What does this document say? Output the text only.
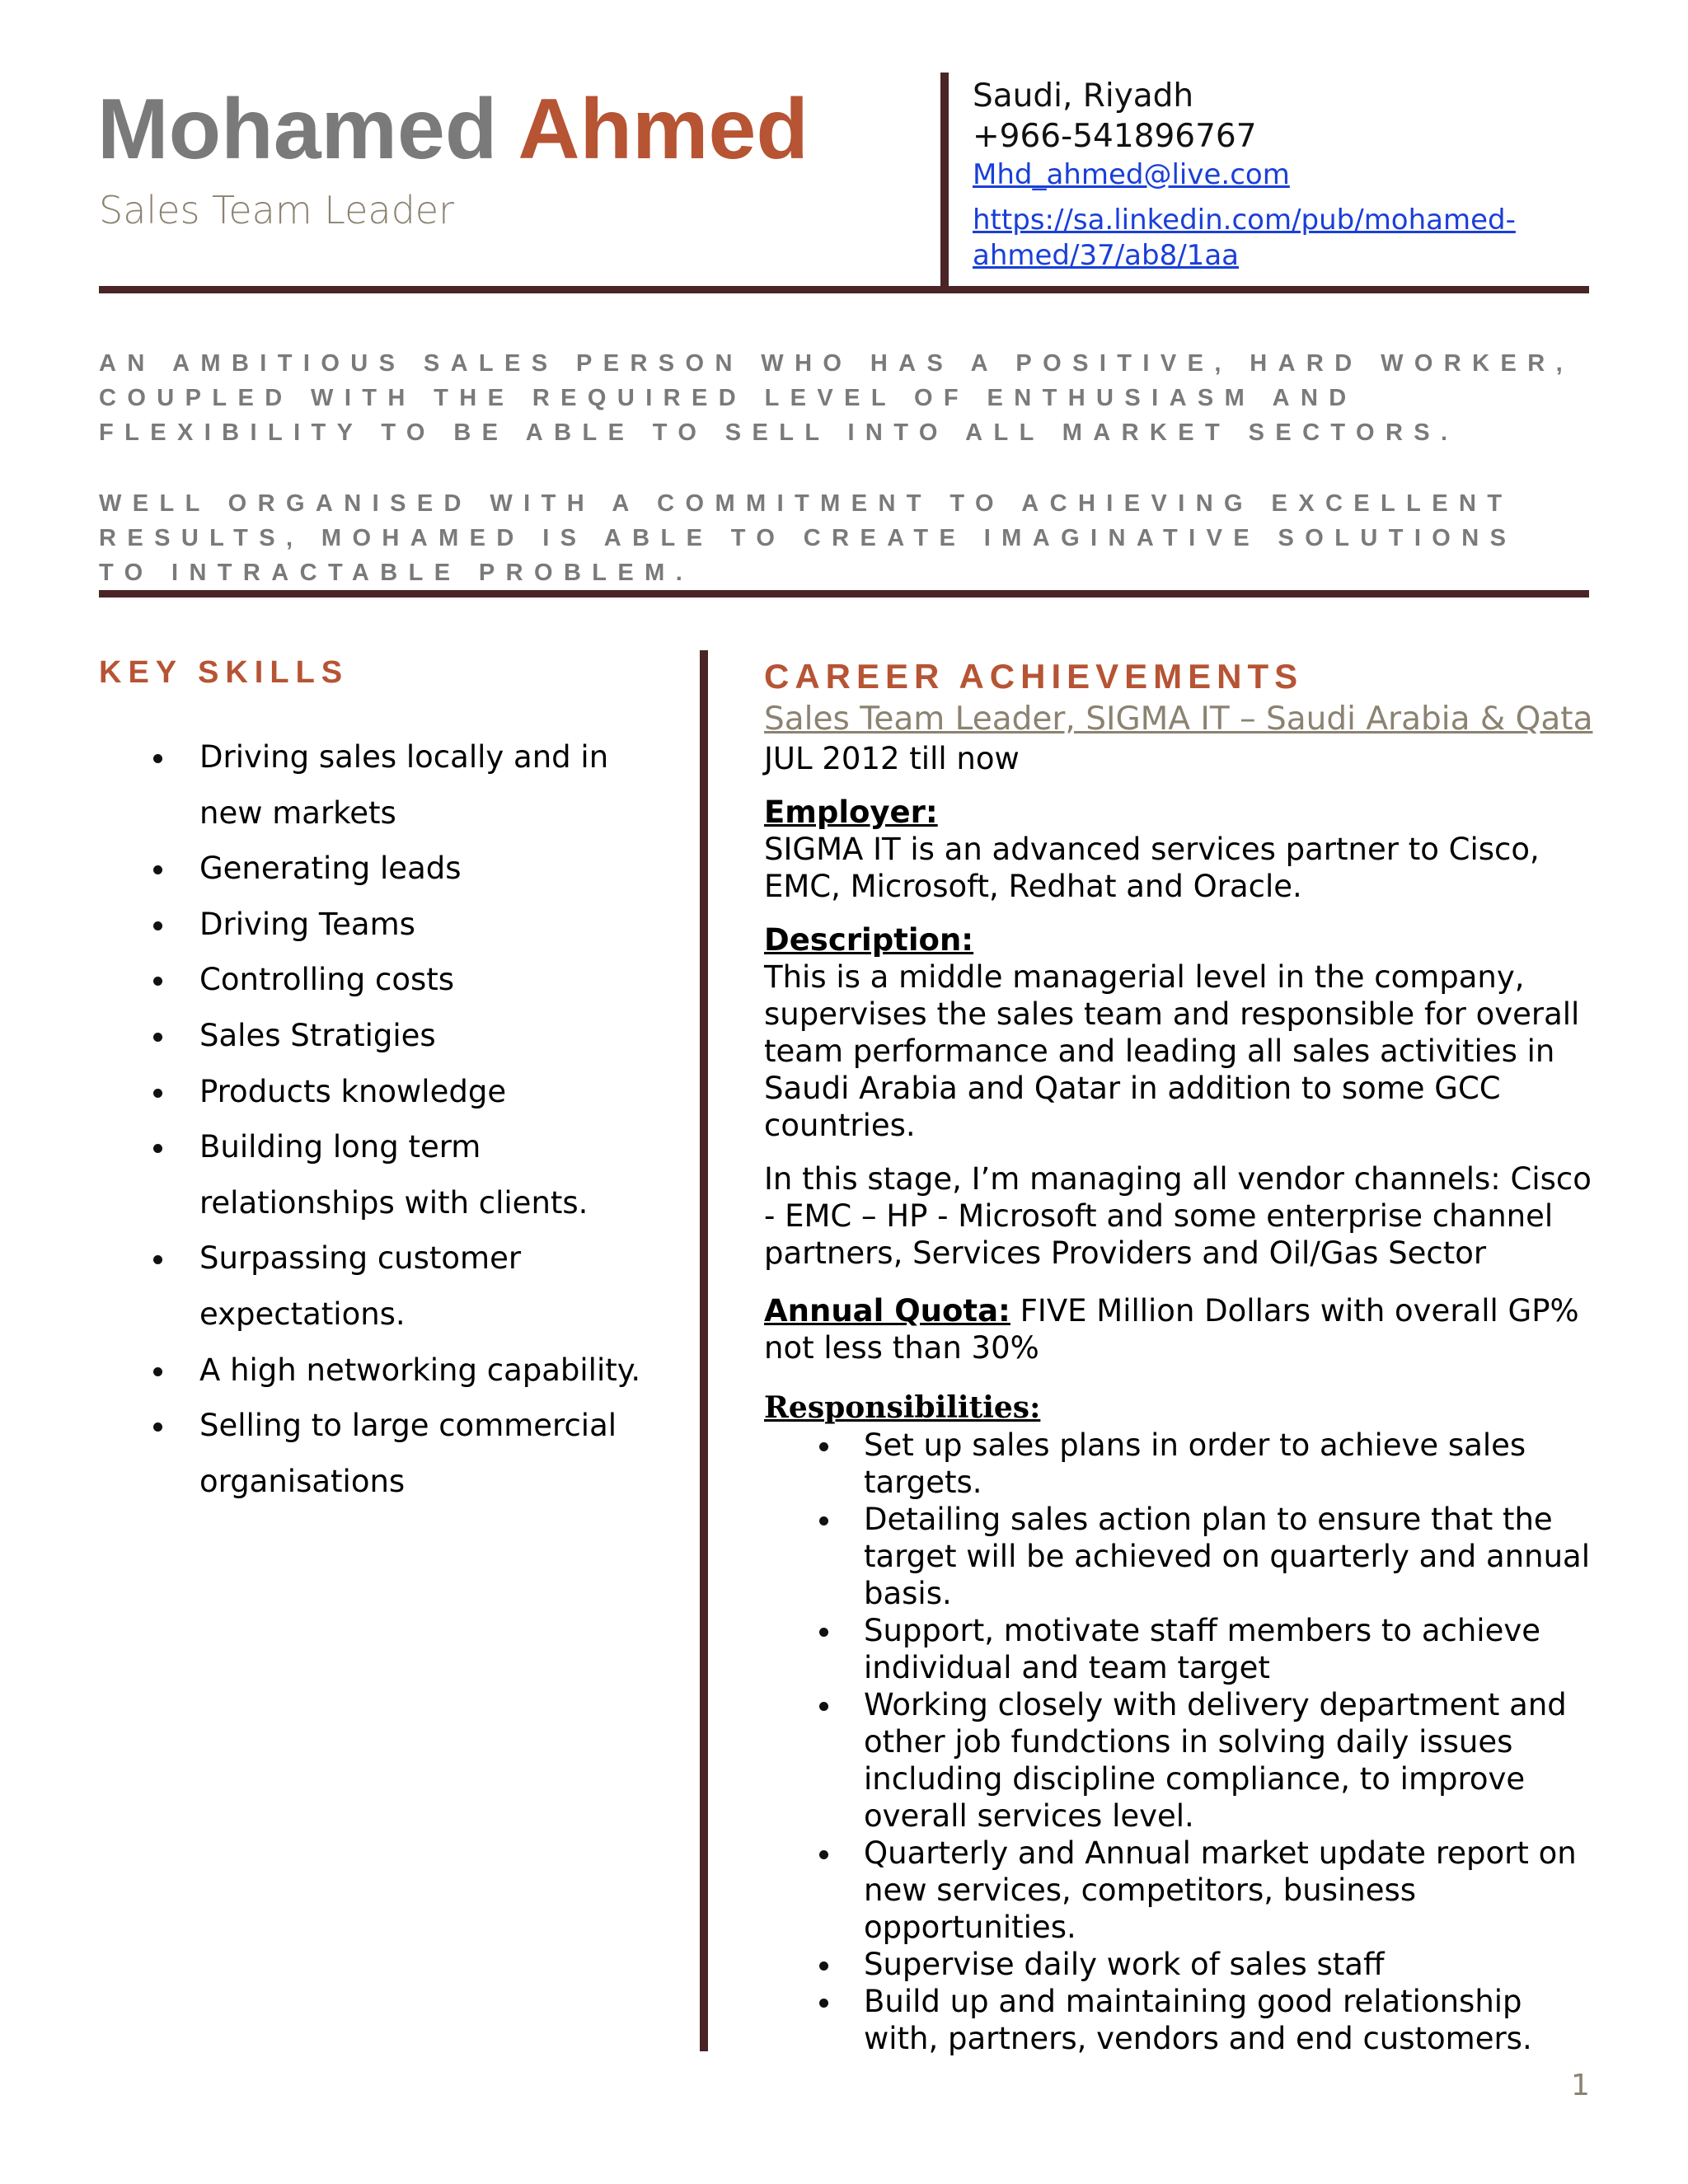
Mohamed Ahmed
Sales Team Leader
Saudi, Riyadh
+966-541896767
Mhd_ahmed@live.com
https://sa.linkedin.com/pub/mohamed-
ahmed/37/ab8/1aa
AN AMBITIOUS SALES PERSON WHO HAS A POSITIVE, HARD WORKER, COUPLED WITH THE REQUIRED LEVEL OF ENTHUSIASM AND FLEXIBILITY TO BE ABLE TO SELL INTO ALL MARKET SECTORS.
WELL ORGANISED WITH A COMMITMENT TO ACHIEVING EXCELLENT RESULTS, MOHAMED IS ABLE TO CREATE IMAGINATIVE SOLUTIONS TO INTRACTABLE PROBLEM.
KEY SKILLS
Driving sales locally and in new markets
Generating leads
Driving Teams
Controlling costs
Sales Stratigies
Products knowledge
Building long term relationships with clients.
Surpassing customer expectations.
A high networking capability.
Selling to large commercial organisations
CAREER ACHIEVEMENTS
Sales Team Leader, SIGMA IT – Saudi Arabia & Qata
JUL 2012 till now
Employer:

SIGMA IT is an advanced services partner to Cisco, EMC, Microsoft, Redhat and Oracle.

Description:

This is a middle managerial level in the company, supervises the sales team and responsible for overall team performance and leading all sales activities in Saudi Arabia and Qatar in addition to some GCC countries.

In this stage, I’m managing all vendor channels: Cisco - EMC – HP - Microsoft and some enterprise channel partners, Services Providers and Oil/Gas Sector

Annual Quota: FIVE Million Dollars with overall GP% not less than 30%

Responsibilities:
Set up sales plans in order to achieve sales targets.
Detailing sales action plan to ensure that the target will be achieved on quarterly and annual basis.
Support, motivate staff members to achieve individual and team target
Working closely with delivery department and other job fundctions in solving daily issues including discipline compliance, to improve overall services level.
Quarterly and Annual market update report on new services, competitors, business opportunities.
Supervise daily work of sales staff
Build up and maintaining good relationship with, partners, vendors and end customers.
1
